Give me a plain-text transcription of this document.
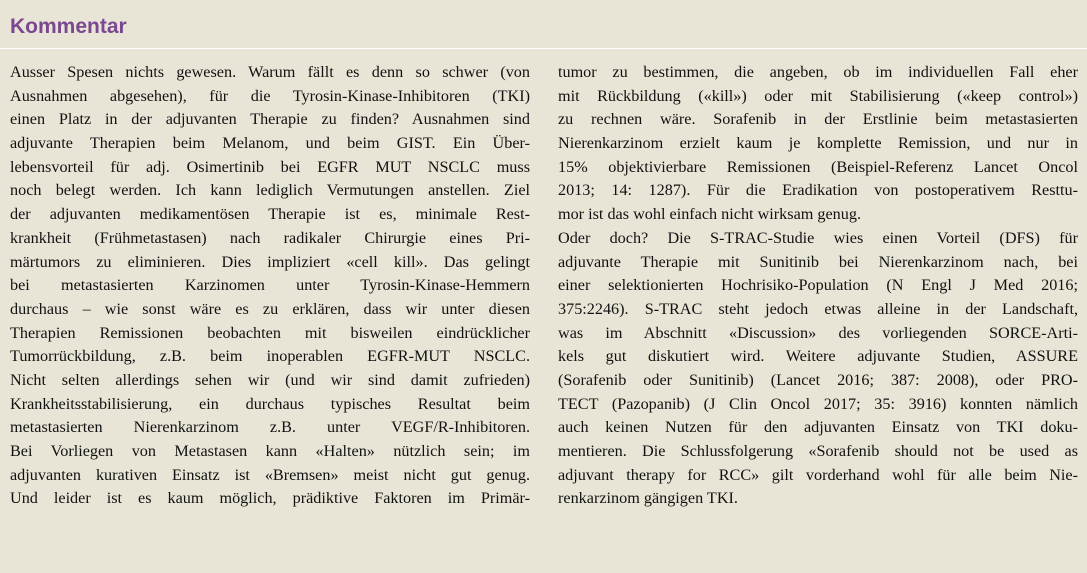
Kommentar
Ausser Spesen nichts gewesen. Warum fällt es denn so schwer (von
Ausnahmen abgesehen), für die Tyrosin-Kinase-Inhibitoren (TKI)
einen Platz in der adjuvanten Therapie zu finden? Ausnahmen sind
adjuvante Therapien beim Melanom, und beim GIST. Ein Über-
lebensvorteil für adj. Osimertinib bei EGFR MUT NSCLC muss
noch belegt werden. Ich kann lediglich Vermutungen anstellen. Ziel
der adjuvanten medikamentösen Therapie ist es, minimale Rest-
krankheit (Frühmetastasen) nach radikaler Chirurgie eines Pri-
märtumors zu eliminieren. Dies impliziert «cell kill». Das gelingt
bei metastasierten Karzinomen unter Tyrosin-Kinase-Hemmern
durchaus – wie sonst wäre es zu erklären, dass wir unter diesen
Therapien Remissionen beobachten mit bisweilen eindrücklicher
Tumorrückbildung, z.B. beim inoperablen EGFR-MUT NSCLC.
Nicht selten allerdings sehen wir (und wir sind damit zufrieden)
Krankheitsstabilisierung, ein durchaus typisches Resultat beim
metastasierten Nierenkarzinom z.B. unter VEGF/R-Inhibitoren.
Bei Vorliegen von Metastasen kann «Halten» nützlich sein; im
adjuvanten kurativen Einsatz ist «Bremsen» meist nicht gut genug.
Und leider ist es kaum möglich, prädiktive Faktoren im Primär-
tumor zu bestimmen, die angeben, ob im individuellen Fall eher
mit Rückbildung («kill») oder mit Stabilisierung («keep control»)
zu rechnen wäre. Sorafenib in der Erstlinie beim metastasierten
Nierenkarzinom erzielt kaum je komplette Remission, und nur in
15% objektivierbare Remissionen (Beispiel-Referenz Lancet Oncol
2013; 14: 1287). Für die Eradikation von postoperativem Resttu-
mor ist das wohl einfach nicht wirksam genug.
Oder doch? Die S-TRAC-Studie wies einen Vorteil (DFS) für
adjuvante Therapie mit Sunitinib bei Nierenkarzinom nach, bei
einer selektionierten Hochrisiko-Population (N Engl J Med 2016;
375:2246). S-TRAC steht jedoch etwas alleine in der Landschaft,
was im Abschnitt «Discussion» des vorliegenden SORCE-Arti-
kels gut diskutiert wird. Weitere adjuvante Studien, ASSURE
(Sorafenib oder Sunitinib) (Lancet 2016; 387: 2008), oder PRO-
TECT (Pazopanib) (J Clin Oncol 2017; 35: 3916) konnten nämlich
auch keinen Nutzen für den adjuvanten Einsatz von TKI doku-
mentieren. Die Schlussfolgerung «Sorafenib should not be used as
adjuvant therapy for RCC» gilt vorderhand wohl für alle beim Nie-
renkarzinom gängigen TKI.
